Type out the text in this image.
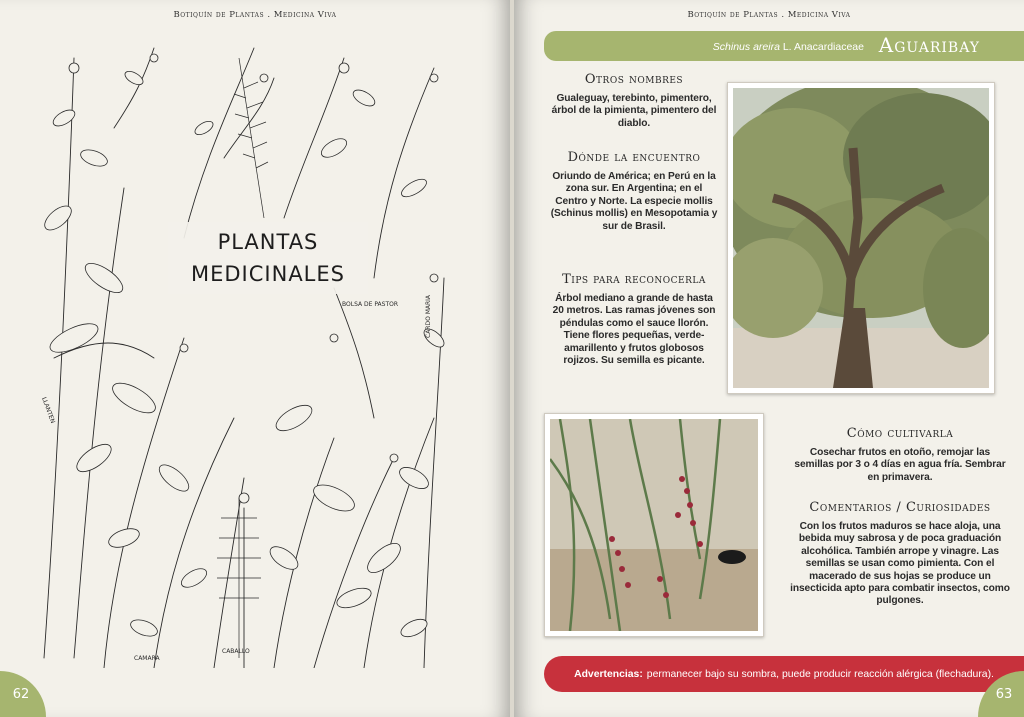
Botiquín de Plantas . Medicina Viva
CAMARA
CABALLO
BOLSA DE PASTOR	CARDO MARIA
LLANTEN
PLANTAS
MEDICINALES
62
Botiquín de Plantas . Medicina Viva
Schinus areira L. Anacardiaceae Aguaribay
Otros nombres

Gualeguay, terebinto, pimentero, árbol de la pimienta, pimentero del diablo.

Dónde la encuentro

Oriundo de América; en Perú en la zona sur. En Argentina; en el Centro y Norte. La especie mollis (Schinus mollis) en Mesopotamia y sur de Brasil.

Tips para reconocerla

Árbol mediano a grande de hasta 20 metros. Las ramas jóvenes son péndulas como el sauce llorón. Tiene flores pequeñas, verde-amarillento y frutos globosos rojizos. Su semilla es picante.

Cómo cultivarla

Cosechar frutos en otoño, remojar las semillas por 3 o 4 días en agua fría. Sembrar en primavera.

Comentarios / Curiosidades

Con los frutos maduros se hace aloja, una bebida muy sabrosa y de poca graduación alcohólica. También arrope y vinagre. Las semillas se usan como pimienta. Con el macerado de sus hojas se produce un insecticida apto para combatir insectos, como pulgones.

Advertencias: permanecer bajo su sombra, puede producir reacción alérgica (flechadura).
63
